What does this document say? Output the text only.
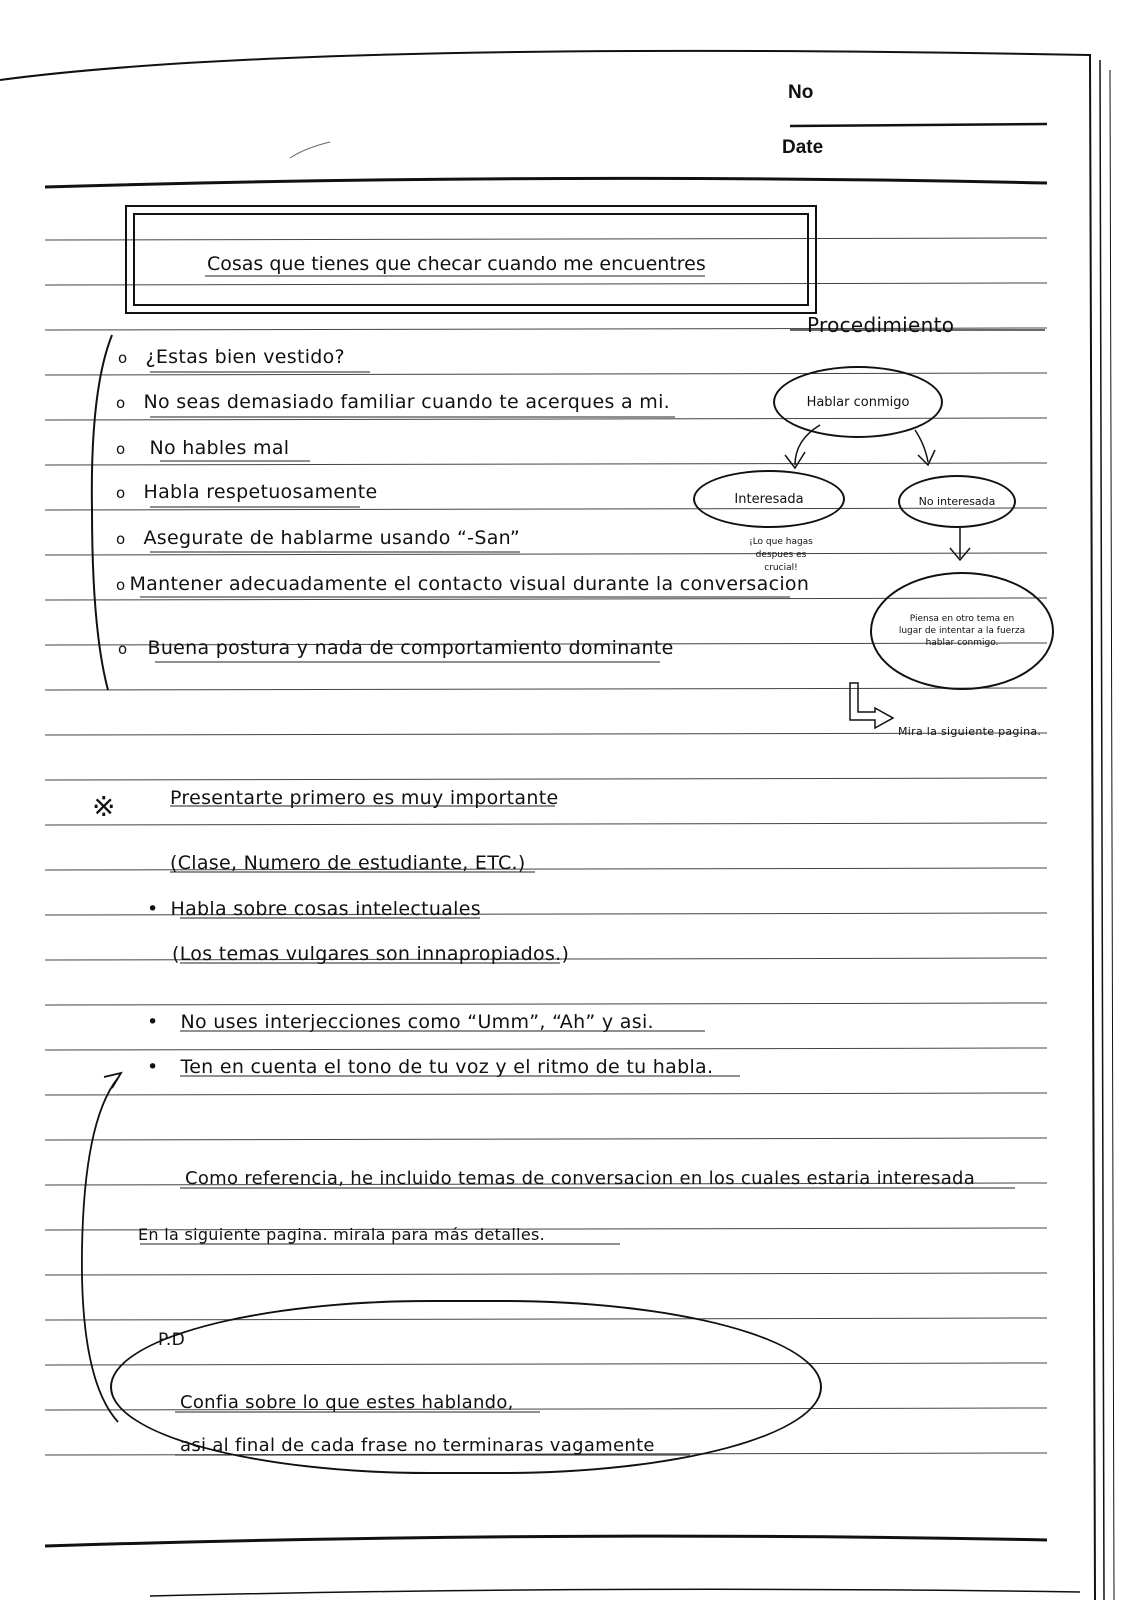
No
Date
Cosas que tienes que checar cuando me encuentres
o ¿Estas bien vestido?
o No seas demasiado familiar cuando te acerques a mi.
o No hables mal
o Habla respetuosamente
o Asegurate de hablarme usando “-San”
o Mantener adecuadamente el contacto visual durante la conversacion
o Buena postura y nada de comportamiento dominante
Procedimiento
Hablar conmigo
Interesada	No interesada
¡Lo que hagas despues es crucial!
Piensa en otro tema en lugar de intentar a la fuerza hablar conmigo.
Mira la siguiente pagina.
※	Presentarte primero es muy importante
(Clase, Numero de estudiante, ETC.)
• Habla sobre cosas intelectuales
(Los temas vulgares son innapropiados.)
• No uses interjecciones como “Umm”, “Ah” y asi.
• Ten en cuenta el tono de tu voz y el ritmo de tu habla.
Como referencia, he incluido temas de conversacion en los cuales estaria interesada
En la siguiente pagina. mirala para más detalles.
P.D
Confia sobre lo que estes hablando,
asi al final de cada frase no terminaras vagamente
